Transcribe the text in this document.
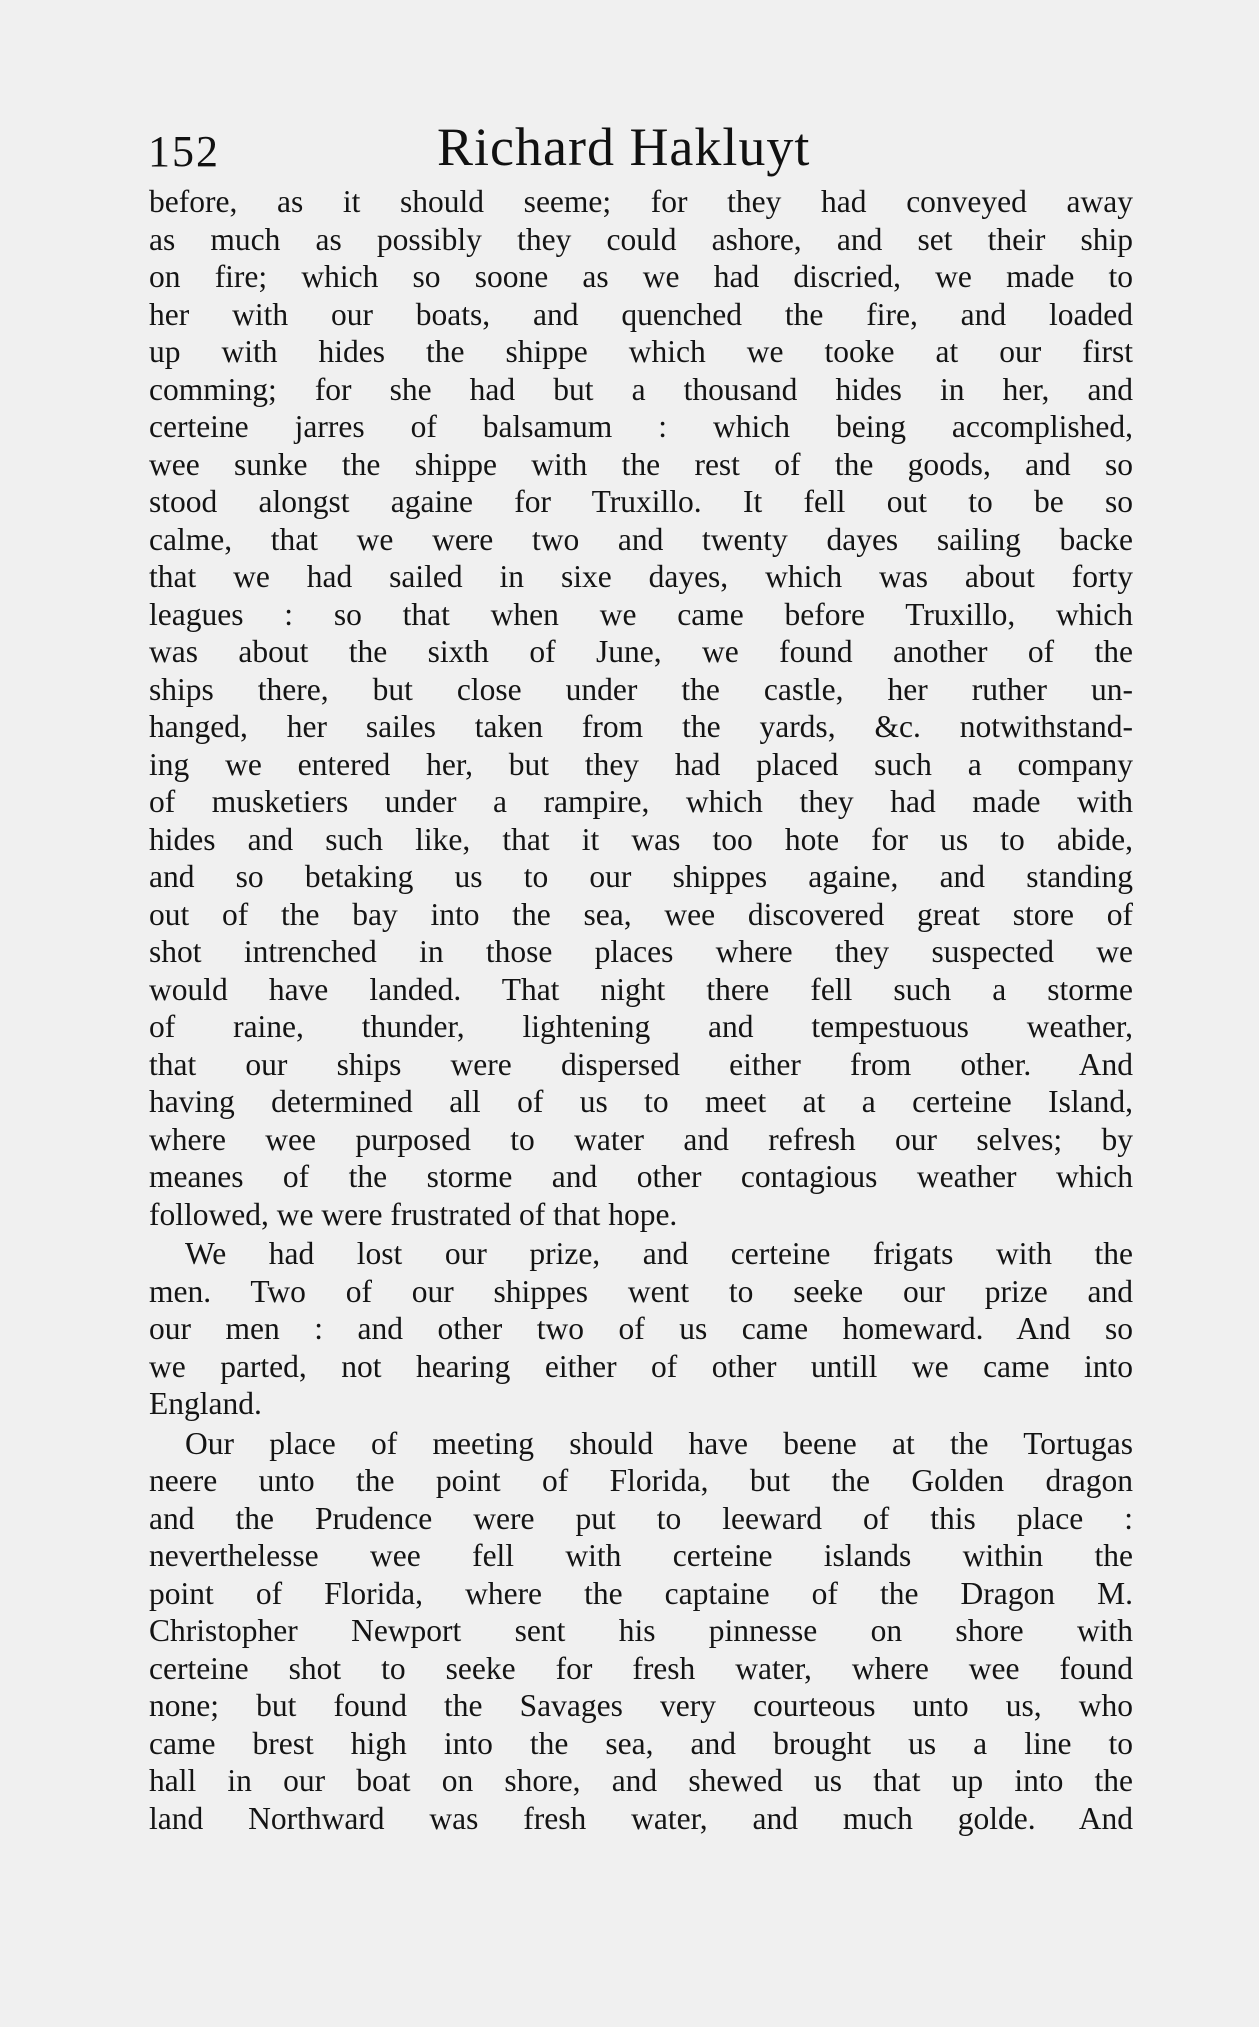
152	Richard Hakluyt
before, as it should seeme; for they had conveyed away
as much as possibly they could ashore, and set their ship
on fire; which so soone as we had discried, we made to
her with our boats, and quenched the fire, and loaded
up with hides the shippe which we tooke at our first
comming; for she had but a thousand hides in her, and
certeine jarres of balsamum : which being accomplished,
wee sunke the shippe with the rest of the goods, and so
stood alongst againe for Truxillo. It fell out to be so
calme, that we were two and twenty dayes sailing backe
that we had sailed in sixe dayes, which was about forty
leagues : so that when we came before Truxillo, which
was about the sixth of June, we found another of the
ships there, but close under the castle, her ruther un-
hanged, her sailes taken from the yards, &c. notwithstand-
ing we entered her, but they had placed such a company
of musketiers under a rampire, which they had made with
hides and such like, that it was too hote for us to abide,
and so betaking us to our shippes againe, and standing
out of the bay into the sea, wee discovered great store of
shot intrenched in those places where they suspected we
would have landed. That night there fell such a storme
of raine, thunder, lightening and tempestuous weather,
that our ships were dispersed either from other. And
having determined all of us to meet at a certeine Island,
where wee purposed to water and refresh our selves; by
meanes of the storme and other contagious weather which
followed, we were frustrated of that hope.
We had lost our prize, and certeine frigats with the
men. Two of our shippes went to seeke our prize and
our men : and other two of us came homeward. And so
we parted, not hearing either of other untill we came into
England.
Our place of meeting should have beene at the Tortugas
neere unto the point of Florida, but the Golden dragon
and the Prudence were put to leeward of this place :
neverthelesse wee fell with certeine islands within the
point of Florida, where the captaine of the Dragon M.
Christopher Newport sent his pinnesse on shore with
certeine shot to seeke for fresh water, where wee found
none; but found the Savages very courteous unto us, who
came brest high into the sea, and brought us a line to
hall in our boat on shore, and shewed us that up into the
land Northward was fresh water, and much golde. And
